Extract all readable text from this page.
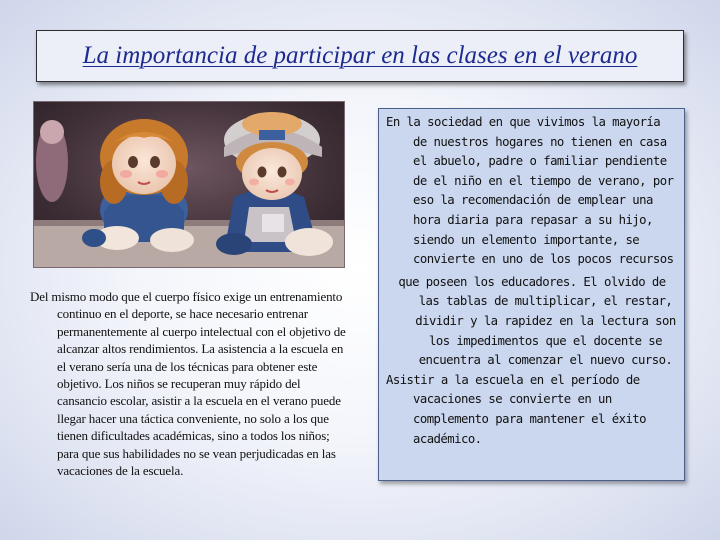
La importancia de participar en las clases en el verano

Del mismo modo que el cuerpo físico exige un entrenamiento continuo en el deporte, se hace necesario entrenar permanentemente al cuerpo intelectual con el objetivo de alcanzar altos rendimientos. La asistencia a la escuela en el verano sería una de los técnicas para obtener este objetivo. Los niños se recuperan muy rápido del cansancio escolar, asistir a la escuela en el verano puede llegar hacer una táctica conveniente, no solo a los que tienen dificultades académicas, sino a todos los niños; para que sus habilidades no se vean perjudicadas en las vacaciones de la escuela.

En la sociedad en que vivimos la mayoría de nuestros hogares no tienen en casa el abuelo, padre o familiar pendiente de el niño en el tiempo de verano, por eso la recomendación de emplear una hora diaria para repasar a su hijo, siendo un elemento importante, se convierte en uno de los pocos recursos

que poseen los educadores. El olvido de las tablas de multiplicar, el restar, dividir y la rapidez en la lectura son los impedimentos que el docente se encuentra al comenzar el nuevo curso.

Asistir a la escuela en el período de vacaciones se convierte en un complemento para mantener el éxito académico.
